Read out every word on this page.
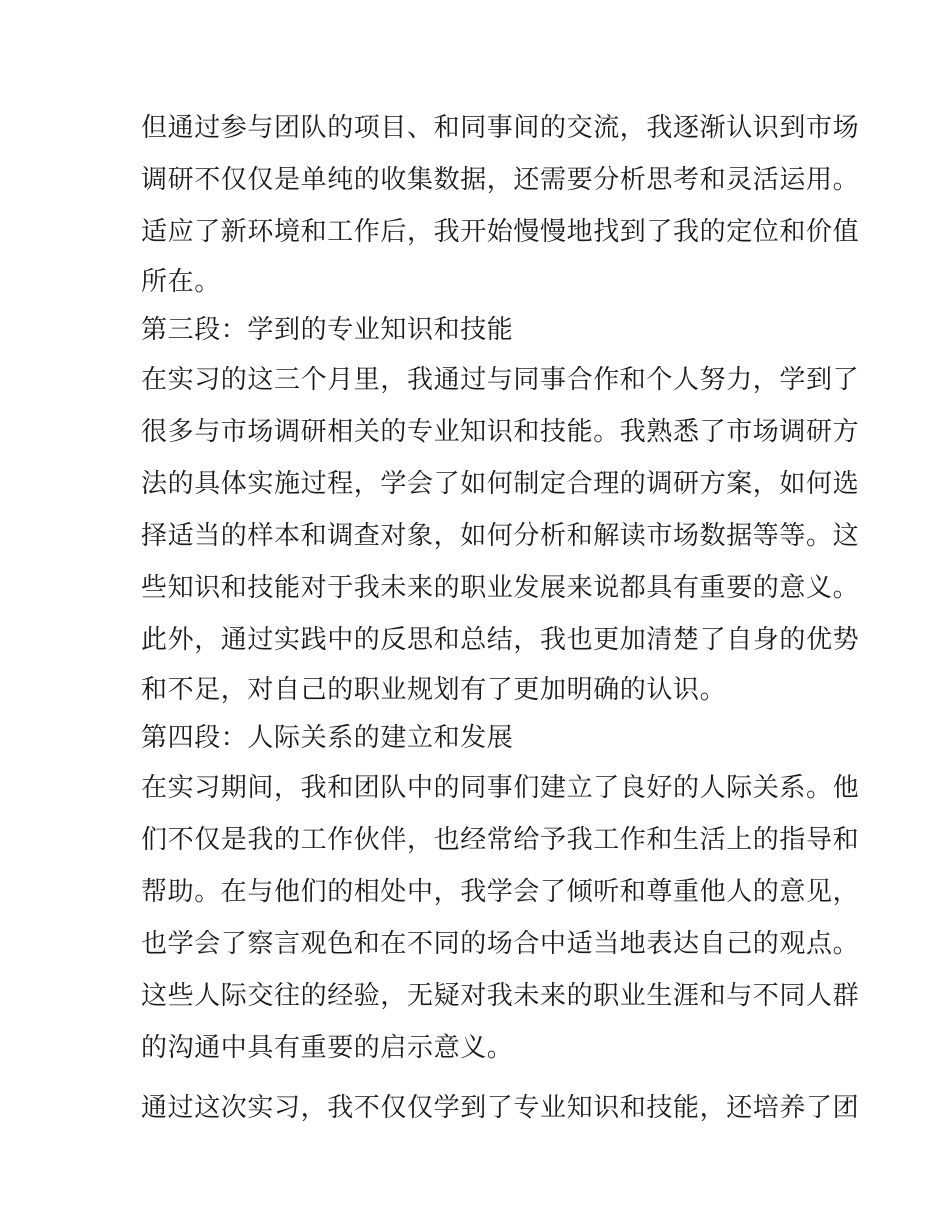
但通过参与团队的项目、和同事间的交流，我逐渐认识到市场
调研不仅仅是单纯的收集数据，还需要分析思考和灵活运用。
适应了新环境和工作后，我开始慢慢地找到了我的定位和价值
所在。
第三段：学到的专业知识和技能
在实习的这三个月里，我通过与同事合作和个人努力，学到了
很多与市场调研相关的专业知识和技能。我熟悉了市场调研方
法的具体实施过程，学会了如何制定合理的调研方案，如何选
择适当的样本和调查对象，如何分析和解读市场数据等等。这
些知识和技能对于我未来的职业发展来说都具有重要的意义。
此外，通过实践中的反思和总结，我也更加清楚了自身的优势
和不足，对自己的职业规划有了更加明确的认识。
第四段：人际关系的建立和发展
在实习期间，我和团队中的同事们建立了良好的人际关系。他
们不仅是我的工作伙伴，也经常给予我工作和生活上的指导和
帮助。在与他们的相处中，我学会了倾听和尊重他人的意见，
也学会了察言观色和在不同的场合中适当地表达自己的观点。
这些人际交往的经验，无疑对我未来的职业生涯和与不同人群
的沟通中具有重要的启示意义。
通过这次实习，我不仅仅学到了专业知识和技能，还培养了团
